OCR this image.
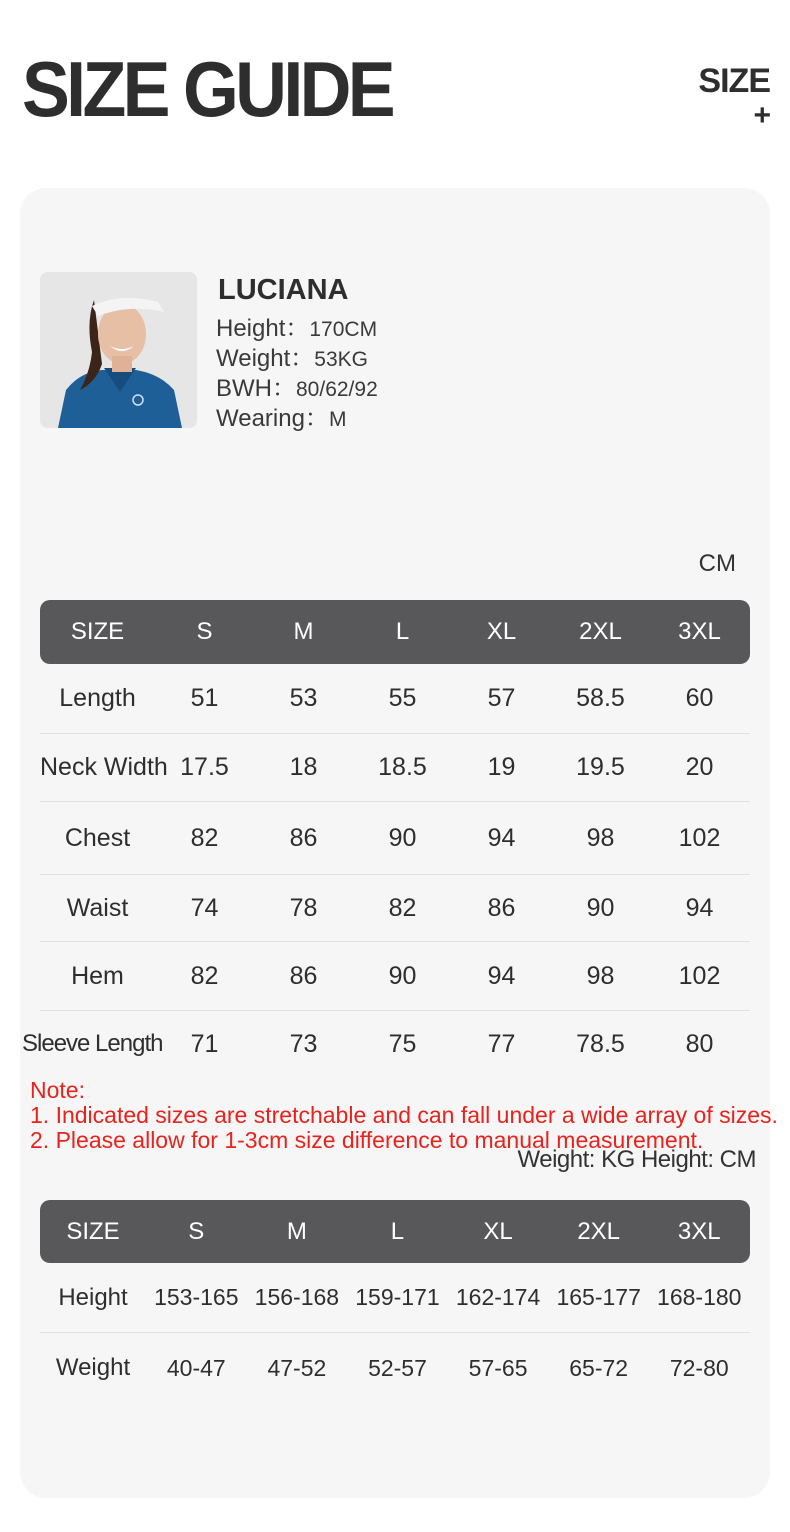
SIZE GUIDE	SIZE
+
LUCIANA
Height：170CM
Weight：53KG
BWH：80/62/92
Wearing：M
CM
SIZE	S	M	L	XL	2XL	3XL
Length	51	53	55	57	58.5	60
Neck Width 17.5	18	18.5	19	19.5	20
Chest	82	86	90	94	98	102
Waist	74	78	82	86	90	94
Hem	82	86	90	94	98	102
Sleeve Length	71	73	75	77	78.5	80
Note:
1. Indicated sizes are stretchable and can fall under a wide array of sizes.
2. Please allow for 1-3cm size difference to manual measurement.
Weight: KG Height: CM
SIZE	S	M	L	XL	2XL	3XL
Height	153-165 156-168 159-171 162-174 165-177 168-180
Weight	40-47	47-52	52-57	57-65	65-72	72-80
